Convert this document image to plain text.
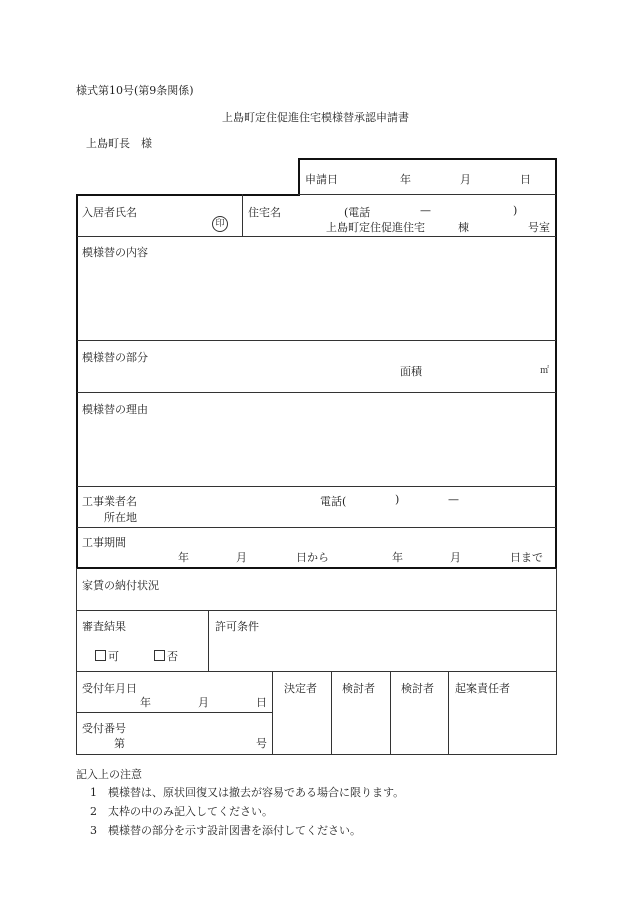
様式第10号(第9条関係)
上島町定住促進住宅模様替承認申請書
上島町長　様
申請日	年	月	日
入居者氏名
印
住宅名	(電話	—	)
上島町定住促進住宅	棟	号室
模様替の内容
模様替の部分
面積	㎡
模様替の理由
工事業者名	電話(	)	—
所在地
工事期間
年	月	日から	年	月	日まで
家賃の納付状況
審査結果
可	否
許可条件
受付年月日
年	月	日
受付番号
第	号
決定者 検討者 検討者 起案責任者
記入上の注意
1　 模様替は、原状回復又は撤去が容易である場合に限ります。
2　 太枠の中のみ記入してください。
3　 模様替の部分を示す設計図書を添付してください。
